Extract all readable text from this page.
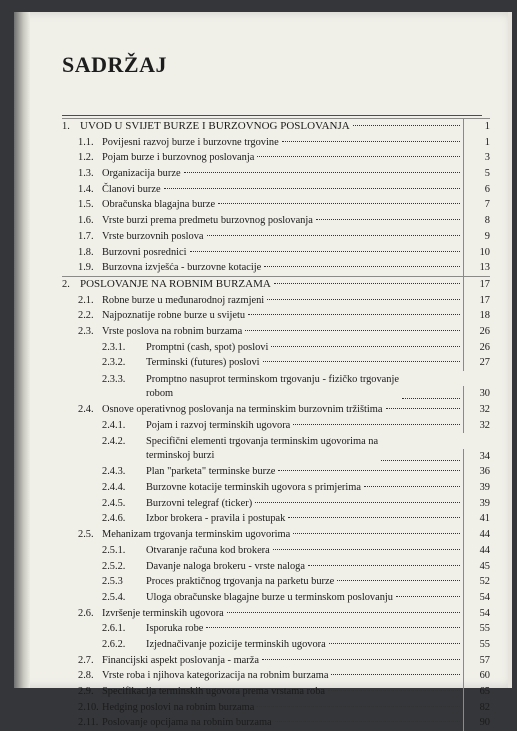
SADRŽAJ
1. UVOD U SVIJET BURZE I BURZOVNOG POSLOVANJA	1
1.1. Povijesni razvoj burze i burzovne trgovine	1
1.2. Pojam burze i burzovnog poslovanja	3
1.3. Organizacija burze	5
1.4. Članovi burze	6
1.5. Obračunska blagajna burze	7
1.6. Vrste burzi prema predmetu burzovnog poslovanja	8
1.7. Vrste burzovnih poslova	9
1.8. Burzovni posrednici	10
1.9. Burzovna izvješća - burzovne kotacije	13
2. POSLOVANJE NA ROBNIM BURZAMA	17
2.1. Robne burze u međunarodnoj razmjeni	17
2.2. Najpoznatije robne burze u svijetu	18
2.3. Vrste poslova na robnim burzama	26
2.3.1.	Promptni (cash, spot) poslovi	26
2.3.2.	Terminski (futures) poslovi	27
2.3.3.	Promptno nasuprot terminskom trgovanju - fizičko trgovanje
robom	30
2.4. Osnove operativnog poslovanja na terminskim burzovnim tržištima	32
2.4.1.	Pojam i razvoj terminskih ugovora	32
2.4.2.	Specifični elementi trgovanja terminskim ugovorima na
terminskoj burzi	34
2.4.3.	Plan "parketa" terminske burze	36
2.4.4.	Burzovne kotacije terminskih ugovora s primjerima	39
2.4.5.	Burzovni telegraf (ticker)	39
2.4.6.	Izbor brokera - pravila i postupak	41
2.5. Mehanizam trgovanja terminskim ugovorima	44
2.5.1.	Otvaranje računa kod brokera	44
2.5.2.	Davanje naloga brokeru - vrste naloga	45
2.5.3	Proces praktičnog trgovanja na parketu burze	52
2.5.4.	Uloga obračunske blagajne burze u terminskom poslovanju	54
2.6. Izvršenje terminskih ugovora	54
2.6.1.	Isporuka robe	55
2.6.2.	Izjednačivanje pozicije terminskih ugovora	55
2.7. Financijski aspekt poslovanja - marža	57
2.8. Vrste roba i njihova kategorizacija na robnim burzama	60
2.9. Specifikacija terminskih ugovora prema vrstama roba	65
2.10. Hedging poslovi na robnim burzama	82
2.11. Poslovanje opcijama na robnim burzama	90
